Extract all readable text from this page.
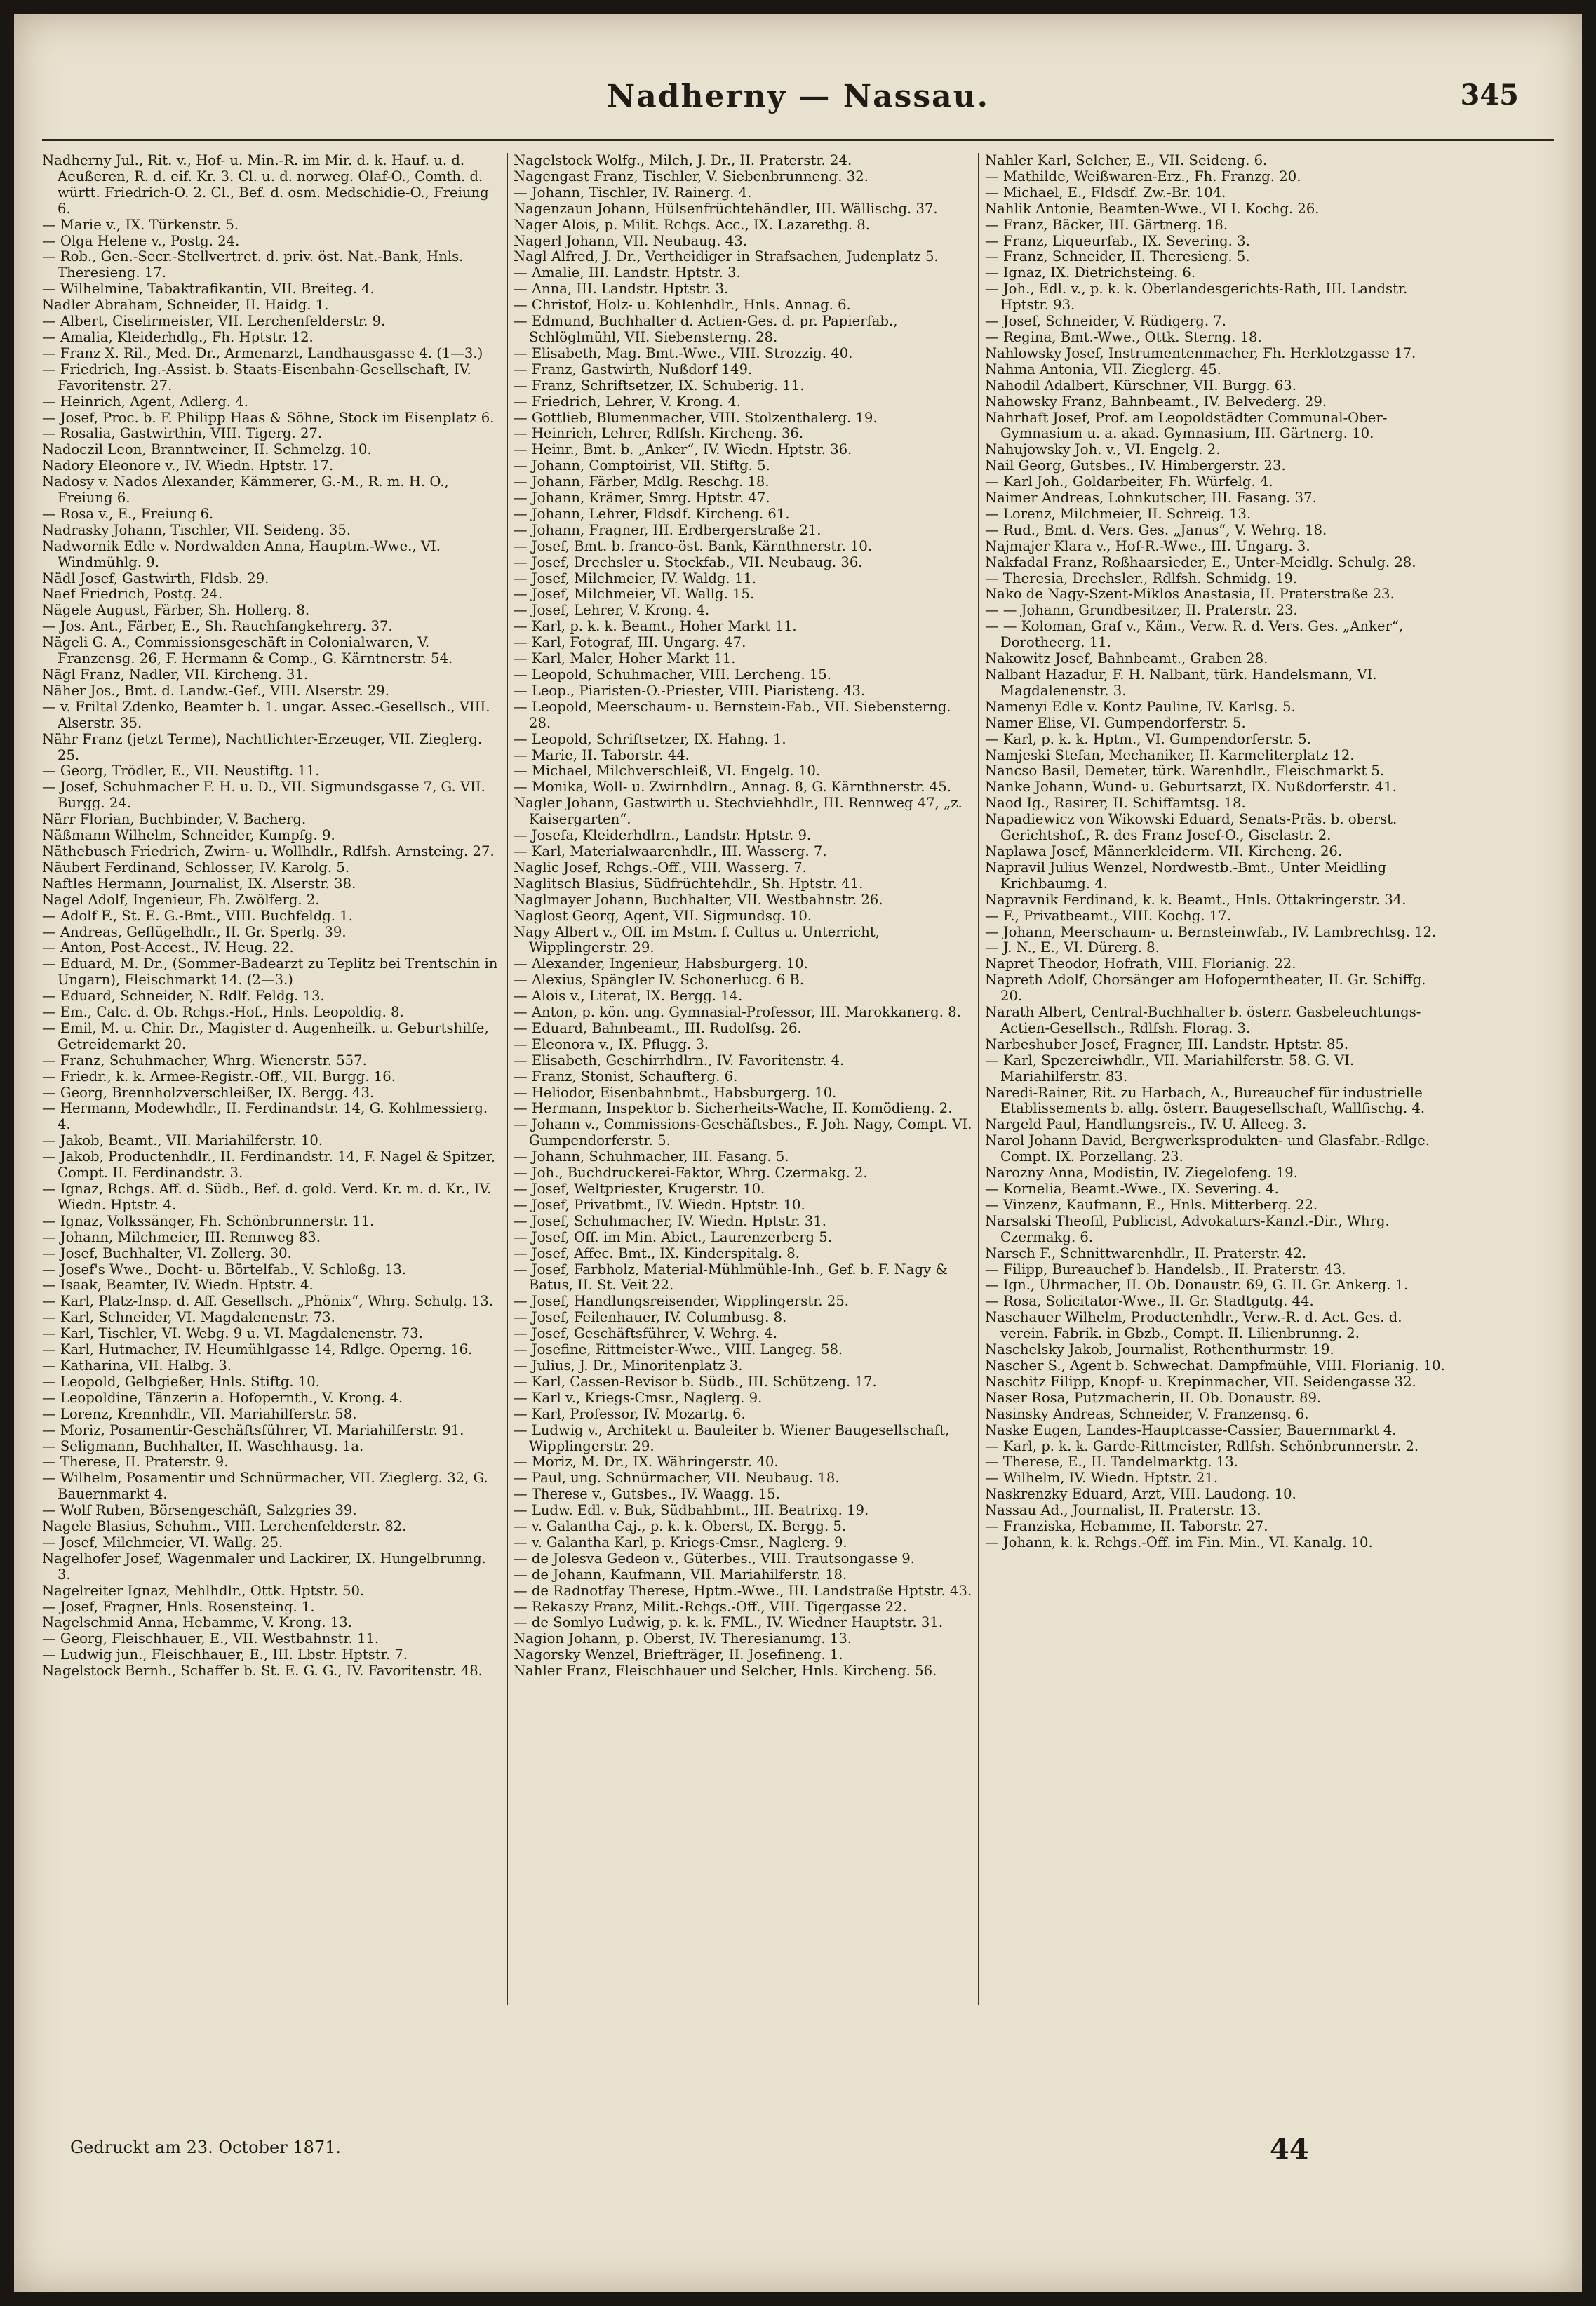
Nadherny — Nassau.	345
Nadherny Jul., Rit. v., Hof- u. Min.-R. im Mir. d. k. Hauf. u. d. Aeußeren, R. d. eif. Kr. 3. Cl. u. d. norweg. Olaf-O., Comth. d. württ. Friedrich-O. 2. Cl., Bef. d. osm. Medschidie-O., Freiung 6.
— Marie v., IX. Türkenstr. 5.
— Olga Helene v., Postg. 24.
— Rob., Gen.-Secr.-Stellvertret. d. priv. öst. Nat.-Bank, Hnls. Theresieng. 17.
— Wilhelmine, Tabaktrafikantin, VII. Breiteg. 4.
Nadler Abraham, Schneider, II. Haidg. 1.
— Albert, Ciselirmeister, VII. Lerchenfelderstr. 9.
— Amalia, Kleiderhdlg., Fh. Hptstr. 12.
— Franz X. Ril., Med. Dr., Armenarzt, Landhausgasse 4. (1—3.)
— Friedrich, Ing.-Assist. b. Staats-Eisenbahn-Gesellschaft, IV. Favoritenstr. 27.
— Heinrich, Agent, Adlerg. 4.
— Josef, Proc. b. F. Philipp Haas & Söhne, Stock im Eisenplatz 6.
— Rosalia, Gastwirthin, VIII. Tigerg. 27.
Nadoczil Leon, Branntweiner, II. Schmelzg. 10.
Nadory Eleonore v., IV. Wiedn. Hptstr. 17.
Nadosy v. Nados Alexander, Kämmerer, G.-M., R. m. H. O., Freiung 6.
— Rosa v., E., Freiung 6.
Nadrasky Johann, Tischler, VII. Seideng. 35.
Nadwornik Edle v. Nordwalden Anna, Hauptm.-Wwe., VI. Windmühlg. 9.
Nädl Josef, Gastwirth, Fldsb. 29.
Naef Friedrich, Postg. 24.
Nägele August, Färber, Sh. Hollerg. 8.
— Jos. Ant., Färber, E., Sh. Rauchfangkehrerg. 37.
Nägeli G. A., Commissionsgeschäft in Colonialwaren, V. Franzensg. 26, F. Hermann & Comp., G. Kärntnerstr. 54.
Nägl Franz, Nadler, VII. Kircheng. 31.
Näher Jos., Bmt. d. Landw.-Gef., VIII. Alserstr. 29.
— v. Friltal Zdenko, Beamter b. 1. ungar. Assec.-Gesellsch., VIII. Alserstr. 35.
Nähr Franz (jetzt Terme), Nachtlichter-Erzeuger, VII. Zieglerg. 25.
— Georg, Trödler, E., VII. Neustiftg. 11.
— Josef, Schuhmacher F. H. u. D., VII. Sigmundsgasse 7, G. VII. Burgg. 24.
Närr Florian, Buchbinder, V. Bacherg.
Näßmann Wilhelm, Schneider, Kumpfg. 9.
Näthebusch Friedrich, Zwirn- u. Wollhdlr., Rdlfsh. Arnsteing. 27.
Näubert Ferdinand, Schlosser, IV. Karolg. 5.
Naftles Hermann, Journalist, IX. Alserstr. 38.
Nagel Adolf, Ingenieur, Fh. Zwölferg. 2.
— Adolf F., St. E. G.-Bmt., VIII. Buchfeldg. 1.
— Andreas, Geflügelhdlr., II. Gr. Sperlg. 39.
— Anton, Post-Accest., IV. Heug. 22.
— Eduard, M. Dr., (Sommer-Badearzt zu Teplitz bei Trentschin in Ungarn), Fleischmarkt 14. (2—3.)
— Eduard, Schneider, N. Rdlf. Feldg. 13.
— Em., Calc. d. Ob. Rchgs.-Hof., Hnls. Leopoldig. 8.
— Emil, M. u. Chir. Dr., Magister d. Augenheilk. u. Geburtshilfe, Getreidemarkt 20.
— Franz, Schuhmacher, Whrg. Wienerstr. 557.
— Friedr., k. k. Armee-Registr.-Off., VII. Burgg. 16.
— Georg, Brennholzverschleißer, IX. Bergg. 43.
— Hermann, Modewhdlr., II. Ferdinandstr. 14, G. Kohlmessierg. 4.
— Jakob, Beamt., VII. Mariahilferstr. 10.
— Jakob, Productenhdlr., II. Ferdinandstr. 14, F. Nagel & Spitzer, Compt. II. Ferdinandstr. 3.
— Ignaz, Rchgs. Aff. d. Südb., Bef. d. gold. Verd. Kr. m. d. Kr., IV. Wiedn. Hptstr. 4.
— Ignaz, Volkssänger, Fh. Schönbrunnerstr. 11.
— Johann, Milchmeier, III. Rennweg 83.
— Josef, Buchhalter, VI. Zollerg. 30.
— Josef's Wwe., Docht- u. Börtelfab., V. Schloßg. 13.
— Isaak, Beamter, IV. Wiedn. Hptstr. 4.
— Karl, Platz-Insp. d. Aff. Gesellsch. „Phönix“, Whrg. Schulg. 13.
— Karl, Schneider, VI. Magdalenenstr. 73.
— Karl, Tischler, VI. Webg. 9 u. VI. Magdalenenstr. 73.
— Karl, Hutmacher, IV. Heumühlgasse 14, Rdlge. Operng. 16.
— Katharina, VII. Halbg. 3.
— Leopold, Gelbgießer, Hnls. Stiftg. 10.
— Leopoldine, Tänzerin a. Hofopernth., V. Krong. 4.
— Lorenz, Krennhdlr., VII. Mariahilferstr. 58.
— Moriz, Posamentir-Geschäftsführer, VI. Mariahilferstr. 91.
— Seligmann, Buchhalter, II. Waschhausg. 1a.
— Therese, II. Praterstr. 9.
— Wilhelm, Posamentir und Schnürmacher, VII. Zieglerg. 32, G. Bauernmarkt 4.
— Wolf Ruben, Börsengeschäft, Salzgries 39.
Nagele Blasius, Schuhm., VIII. Lerchenfelderstr. 82.
— Josef, Milchmeier, VI. Wallg. 25.
Nagelhofer Josef, Wagenmaler und Lackirer, IX. Hungelbrunng. 3.
Nagelreiter Ignaz, Mehlhdlr., Ottk. Hptstr. 50.
— Josef, Fragner, Hnls. Rosensteing. 1.
Nagelschmid Anna, Hebamme, V. Krong. 13.
— Georg, Fleischhauer, E., VII. Westbahnstr. 11.
— Ludwig jun., Fleischhauer, E., III. Lbstr. Hptstr. 7.
Nagelstock Bernh., Schaffer b. St. E. G. G., IV. Favoritenstr. 48.
Nagelstock Wolfg., Milch, J. Dr., II. Praterstr. 24.
Nagengast Franz, Tischler, V. Siebenbrunneng. 32.
— Johann, Tischler, IV. Rainerg. 4.
Nagenzaun Johann, Hülsenfrüchtehändler, III. Wällischg. 37.
Nager Alois, p. Milit. Rchgs. Acc., IX. Lazarethg. 8.
Nagerl Johann, VII. Neubaug. 43.
Nagl Alfred, J. Dr., Vertheidiger in Strafsachen, Judenplatz 5.
— Amalie, III. Landstr. Hptstr. 3.
— Anna, III. Landstr. Hptstr. 3.
— Christof, Holz- u. Kohlenhdlr., Hnls. Annag. 6.
— Edmund, Buchhalter d. Actien-Ges. d. pr. Papierfab., Schlöglmühl, VII. Siebensterng. 28.
— Elisabeth, Mag. Bmt.-Wwe., VIII. Strozzig. 40.
— Franz, Gastwirth, Nußdorf 149.
— Franz, Schriftsetzer, IX. Schuberig. 11.
— Friedrich, Lehrer, V. Krong. 4.
— Gottlieb, Blumenmacher, VIII. Stolzenthalerg. 19.
— Heinrich, Lehrer, Rdlfsh. Kircheng. 36.
— Heinr., Bmt. b. „Anker“, IV. Wiedn. Hptstr. 36.
— Johann, Comptoirist, VII. Stiftg. 5.
— Johann, Färber, Mdlg. Reschg. 18.
— Johann, Krämer, Smrg. Hptstr. 47.
— Johann, Lehrer, Fldsdf. Kircheng. 61.
— Johann, Fragner, III. Erdbergerstraße 21.
— Josef, Bmt. b. franco-öst. Bank, Kärnthnerstr. 10.
— Josef, Drechsler u. Stockfab., VII. Neubaug. 36.
— Josef, Milchmeier, IV. Waldg. 11.
— Josef, Milchmeier, VI. Wallg. 15.
— Josef, Lehrer, V. Krong. 4.
— Karl, p. k. k. Beamt., Hoher Markt 11.
— Karl, Fotograf, III. Ungarg. 47.
— Karl, Maler, Hoher Markt 11.
— Leopold, Schuhmacher, VIII. Lercheng. 15.
— Leop., Piaristen-O.-Priester, VIII. Piaristeng. 43.
— Leopold, Meerschaum- u. Bernstein-Fab., VII. Siebensterng. 28.
— Leopold, Schriftsetzer, IX. Hahng. 1.
— Marie, II. Taborstr. 44.
— Michael, Milchverschleiß, VI. Engelg. 10.
— Monika, Woll- u. Zwirnhdlrn., Annag. 8, G. Kärnthnerstr. 45.
Nagler Johann, Gastwirth u. Stechviehhdlr., III. Rennweg 47, „z. Kaisergarten“.
— Josefa, Kleiderhdlrn., Landstr. Hptstr. 9.
— Karl, Materialwaarenhdlr., III. Wasserg. 7.
Naglic Josef, Rchgs.-Off., VIII. Wasserg. 7.
Naglitsch Blasius, Südfrüchtehdlr., Sh. Hptstr. 41.
Naglmayer Johann, Buchhalter, VII. Westbahnstr. 26.
Naglost Georg, Agent, VII. Sigmundsg. 10.
Nagy Albert v., Off. im Mstm. f. Cultus u. Unterricht, Wipplingerstr. 29.
— Alexander, Ingenieur, Habsburgerg. 10.
— Alexius, Spängler IV. Schonerlucg. 6 B.
— Alois v., Literat, IX. Bergg. 14.
— Anton, p. kön. ung. Gymnasial-Professor, III. Marokkanerg. 8.
— Eduard, Bahnbeamt., III. Rudolfsg. 26.
— Eleonora v., IX. Pflugg. 3.
— Elisabeth, Geschirrhdlrn., IV. Favoritenstr. 4.
— Franz, Stonist, Schaufterg. 6.
— Heliodor, Eisenbahnbmt., Habsburgerg. 10.
— Hermann, Inspektor b. Sicherheits-Wache, II. Komödieng. 2.
— Johann v., Commissions-Geschäftsbes., F. Joh. Nagy, Compt. VI. Gumpendorferstr. 5.
— Johann, Schuhmacher, III. Fasang. 5.
— Joh., Buchdruckerei-Faktor, Whrg. Czermakg. 2.
— Josef, Weltpriester, Krugerstr. 10.
— Josef, Privatbmt., IV. Wiedn. Hptstr. 10.
— Josef, Schuhmacher, IV. Wiedn. Hptstr. 31.
— Josef, Off. im Min. Abict., Laurenzerberg 5.
— Josef, Affec. Bmt., IX. Kinderspitalg. 8.
— Josef, Farbholz, Material-Mühlmühle-Inh., Gef. b. F. Nagy & Batus, II. St. Veit 22.
— Josef, Handlungsreisender, Wipplingerstr. 25.
— Josef, Feilenhauer, IV. Columbusg. 8.
— Josef, Geschäftsführer, V. Wehrg. 4.
— Josefine, Rittmeister-Wwe., VIII. Langeg. 58.
— Julius, J. Dr., Minoritenplatz 3.
— Karl, Cassen-Revisor b. Südb., III. Schützeng. 17.
— Karl v., Kriegs-Cmsr., Naglerg. 9.
— Karl, Professor, IV. Mozartg. 6.
— Ludwig v., Architekt u. Bauleiter b. Wiener Baugesellschaft, Wipplingerstr. 29.
— Moriz, M. Dr., IX. Währingerstr. 40.
— Paul, ung. Schnürmacher, VII. Neubaug. 18.
— Therese v., Gutsbes., IV. Waagg. 15.
— Ludw. Edl. v. Buk, Südbahbmt., III. Beatrixg. 19.
— v. Galantha Caj., p. k. k. Oberst, IX. Bergg. 5.
— v. Galantha Karl, p. Kriegs-Cmsr., Naglerg. 9.
— de Jolesva Gedeon v., Güterbes., VIII. Trautsongasse 9.
— de Johann, Kaufmann, VII. Mariahilferstr. 18.
— de Radnotfay Therese, Hptm.-Wwe., III. Landstraße Hptstr. 43.
— Rekaszy Franz, Milit.-Rchgs.-Off., VIII. Tigergasse 22.
— de Somlyo Ludwig, p. k. k. FML., IV. Wiedner Hauptstr. 31.
Nagion Johann, p. Oberst, IV. Theresianumg. 13.
Nagorsky Wenzel, Briefträger, II. Josefineng. 1.
Nahler Franz, Fleischhauer und Selcher, Hnls. Kircheng. 56.
Nahler Karl, Selcher, E., VII. Seideng. 6.
— Mathilde, Weißwaren-Erz., Fh. Franzg. 20.
— Michael, E., Fldsdf. Zw.-Br. 104.
Nahlik Antonie, Beamten-Wwe., VI I. Kochg. 26.
— Franz, Bäcker, III. Gärtnerg. 18.
— Franz, Liqueurfab., IX. Severing. 3.
— Franz, Schneider, II. Theresieng. 5.
— Ignaz, IX. Dietrichsteing. 6.
— Joh., Edl. v., p. k. k. Oberlandesgerichts-Rath, III. Landstr. Hptstr. 93.
— Josef, Schneider, V. Rüdigerg. 7.
— Regina, Bmt.-Wwe., Ottk. Sterng. 18.
Nahlowsky Josef, Instrumentenmacher, Fh. Herklotzgasse 17.
Nahma Antonia, VII. Zieglerg. 45.
Nahodil Adalbert, Kürschner, VII. Burgg. 63.
Nahowsky Franz, Bahnbeamt., IV. Belvederg. 29.
Nahrhaft Josef, Prof. am Leopoldstädter Communal-Ober-Gymnasium u. a. akad. Gymnasium, III. Gärtnerg. 10.
Nahujowsky Joh. v., VI. Engelg. 2.
Nail Georg, Gutsbes., IV. Himbergerstr. 23.
— Karl Joh., Goldarbeiter, Fh. Würfelg. 4.
Naimer Andreas, Lohnkutscher, III. Fasang. 37.
— Lorenz, Milchmeier, II. Schreig. 13.
— Rud., Bmt. d. Vers. Ges. „Janus“, V. Wehrg. 18.
Najmajer Klara v., Hof-R.-Wwe., III. Ungarg. 3.
Nakfadal Franz, Roßhaarsieder, E., Unter-Meidlg. Schulg. 28.
— Theresia, Drechsler., Rdlfsh. Schmidg. 19.
Nako de Nagy-Szent-Miklos Anastasia, II. Praterstraße 23.
— — Johann, Grundbesitzer, II. Praterstr. 23.
— — Koloman, Graf v., Käm., Verw. R. d. Vers. Ges. „Anker“, Dorotheerg. 11.
Nakowitz Josef, Bahnbeamt., Graben 28.
Nalbant Hazadur, F. H. Nalbant, türk. Handelsmann, VI. Magdalenenstr. 3.
Namenyi Edle v. Kontz Pauline, IV. Karlsg. 5.
Namer Elise, VI. Gumpendorferstr. 5.
— Karl, p. k. k. Hptm., VI. Gumpendorferstr. 5.
Namjeski Stefan, Mechaniker, II. Karmeliterplatz 12.
Nancso Basil, Demeter, türk. Warenhdlr., Fleischmarkt 5.
Nanke Johann, Wund- u. Geburtsarzt, IX. Nußdorferstr. 41.
Naod Ig., Rasirer, II. Schiffamtsg. 18.
Napadiewicz von Wikowski Eduard, Senats-Präs. b. oberst. Gerichtshof., R. des Franz Josef-O., Giselastr. 2.
Naplawa Josef, Männerkleiderm. VII. Kircheng. 26.
Napravil Julius Wenzel, Nordwestb.-Bmt., Unter Meidling Krichbaumg. 4.
Napravnik Ferdinand, k. k. Beamt., Hnls. Ottakringerstr. 34.
— F., Privatbeamt., VIII. Kochg. 17.
— Johann, Meerschaum- u. Bernsteinwfab., IV. Lambrechtsg. 12.
— J. N., E., VI. Dürerg. 8.
Napret Theodor, Hofrath, VIII. Florianig. 22.
Napreth Adolf, Chorsänger am Hofoperntheater, II. Gr. Schiffg. 20.
Narath Albert, Central-Buchhalter b. österr. Gasbeleuchtungs-Actien-Gesellsch., Rdlfsh. Florag. 3.
Narbeshuber Josef, Fragner, III. Landstr. Hptstr. 85.
— Karl, Spezereiwhdlr., VII. Mariahilferstr. 58. G. VI. Mariahilferstr. 83.
Naredi-Rainer, Rit. zu Harbach, A., Bureauchef für industrielle Etablissements b. allg. österr. Baugesellschaft, Wallfischg. 4.
Nargeld Paul, Handlungsreis., IV. U. Alleeg. 3.
Narol Johann David, Bergwerksprodukten- und Glasfabr.-Rdlge. Compt. IX. Porzellang. 23.
Narozny Anna, Modistin, IV. Ziegelofeng. 19.
— Kornelia, Beamt.-Wwe., IX. Severing. 4.
— Vinzenz, Kaufmann, E., Hnls. Mitterberg. 22.
Narsalski Theofil, Publicist, Advokaturs-Kanzl.-Dir., Whrg. Czermakg. 6.
Narsch F., Schnittwarenhdlr., II. Praterstr. 42.
— Filipp, Bureauchef b. Handelsb., II. Praterstr. 43.
— Ign., Uhrmacher, II. Ob. Donaustr. 69, G. II. Gr. Ankerg. 1.
— Rosa, Solicitator-Wwe., II. Gr. Stadtgutg. 44.
Naschauer Wilhelm, Productenhdlr., Verw.-R. d. Act. Ges. d. verein. Fabrik. in Gbzb., Compt. II. Lilienbrunng. 2.
Naschelsky Jakob, Journalist, Rothenthurmstr. 19.
Nascher S., Agent b. Schwechat. Dampfmühle, VIII. Florianig. 10.
Naschitz Filipp, Knopf- u. Krepinmacher, VII. Seidengasse 32.
Naser Rosa, Putzmacherin, II. Ob. Donaustr. 89.
Nasinsky Andreas, Schneider, V. Franzensg. 6.
Naske Eugen, Landes-Hauptcasse-Cassier, Bauernmarkt 4.
— Karl, p. k. k. Garde-Rittmeister, Rdlfsh. Schönbrunnerstr. 2.
— Therese, E., II. Tandelmarktg. 13.
— Wilhelm, IV. Wiedn. Hptstr. 21.
Naskrenzky Eduard, Arzt, VIII. Laudong. 10.
Nassau Ad., Journalist, II. Praterstr. 13.
— Franziska, Hebamme, II. Taborstr. 27.
— Johann, k. k. Rchgs.-Off. im Fin. Min., VI. Kanalg. 10.
Gedruckt am 23. October 1871.	44
